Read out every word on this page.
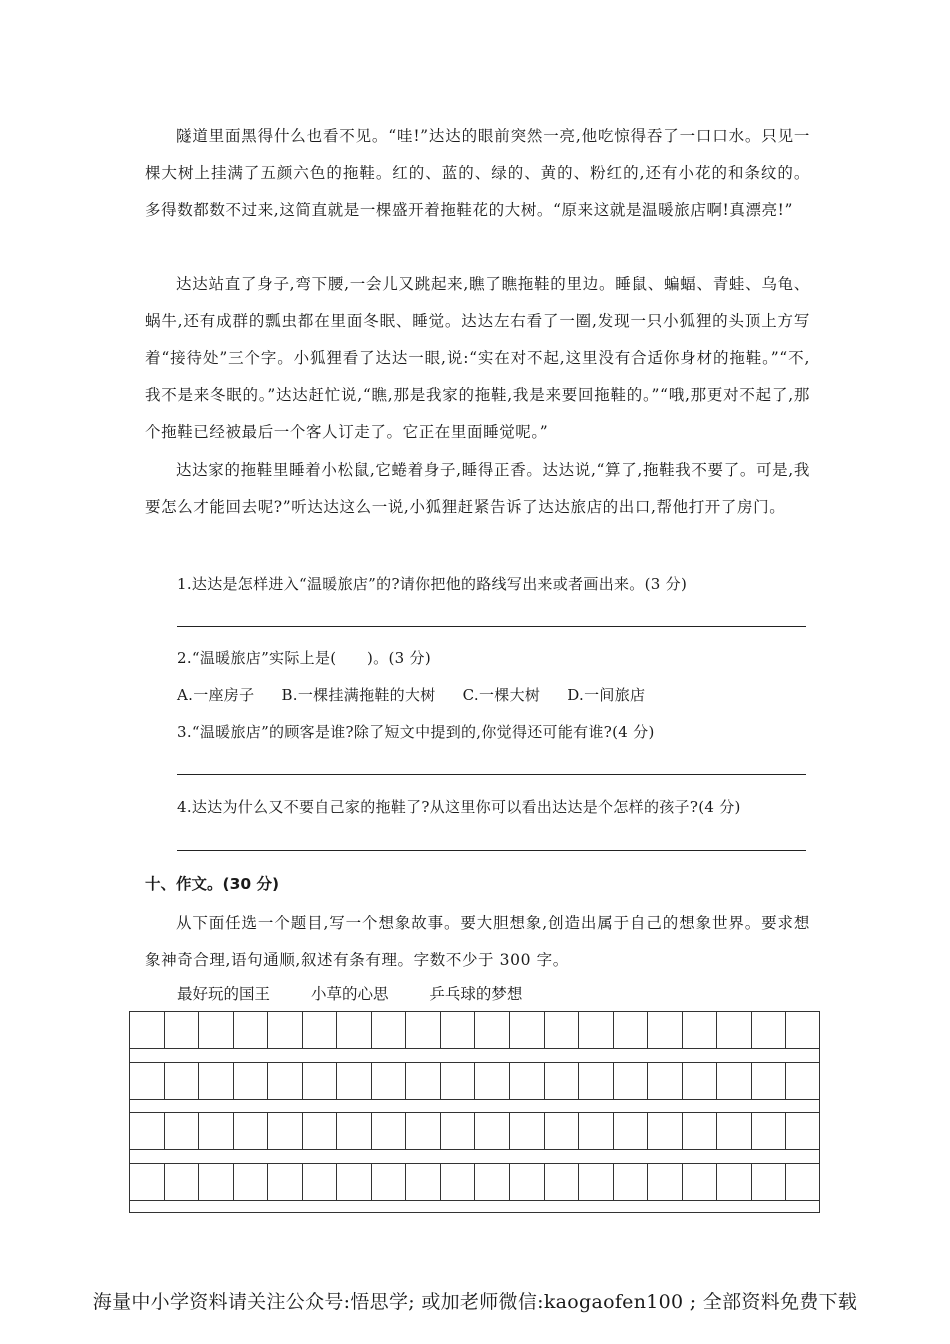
隧道里面黑得什么也看不见。“哇!”达达的眼前突然一亮,他吃惊得吞了一口口水。只见一棵大树上挂满了五颜六色的拖鞋。红的、蓝的、绿的、黄的、粉红的,还有小花的和条纹的。多得数都数不过来,这简直就是一棵盛开着拖鞋花的大树。“原来这就是温暖旅店啊!真漂亮!”

达达站直了身子,弯下腰,一会儿又跳起来,瞧了瞧拖鞋的里边。睡鼠、蝙蝠、青蛙、乌龟、蜗牛,还有成群的瓢虫都在里面冬眠、睡觉。达达左右看了一圈,发现一只小狐狸的头顶上方写着“接待处”三个字。小狐狸看了达达一眼,说:“实在对不起,这里没有合适你身材的拖鞋。”“不,我不是来冬眠的。”达达赶忙说,“瞧,那是我家的拖鞋,我是来要回拖鞋的。”“哦,那更对不起了,那个拖鞋已经被最后一个客人订走了。它正在里面睡觉呢。”

达达家的拖鞋里睡着小松鼠,它蜷着身子,睡得正香。达达说,“算了,拖鞋我不要了。可是,我要怎么才能回去呢?”听达达这么一说,小狐狸赶紧告诉了达达旅店的出口,帮他打开了房门。

1.达达是怎样进入“温暖旅店”的?请你把他的路线写出来或者画出来。(3 分)

2.“温暖旅店”实际上是(　　)。(3 分)

A.一座房子 B.一棵挂满拖鞋的大树 C.一棵大树 D.一间旅店

3.“温暖旅店”的顾客是谁?除了短文中提到的,你觉得还可能有谁?(4 分)

4.达达为什么又不要自己家的拖鞋了?从这里你可以看出达达是个怎样的孩子?(4 分)

十、作文。(30 分)

从下面任选一个题目,写一个想象故事。要大胆想象,创造出属于自己的想象世界。要求想象神奇合理,语句通顺,叙述有条有理。字数不少于 300 字。

最好玩的国王	小草的心思	乒乓球的梦想

海量中小学资料请关注公众号:悟思学; 或加老师微信:kaogaofen100 ; 全部资料免费下载
